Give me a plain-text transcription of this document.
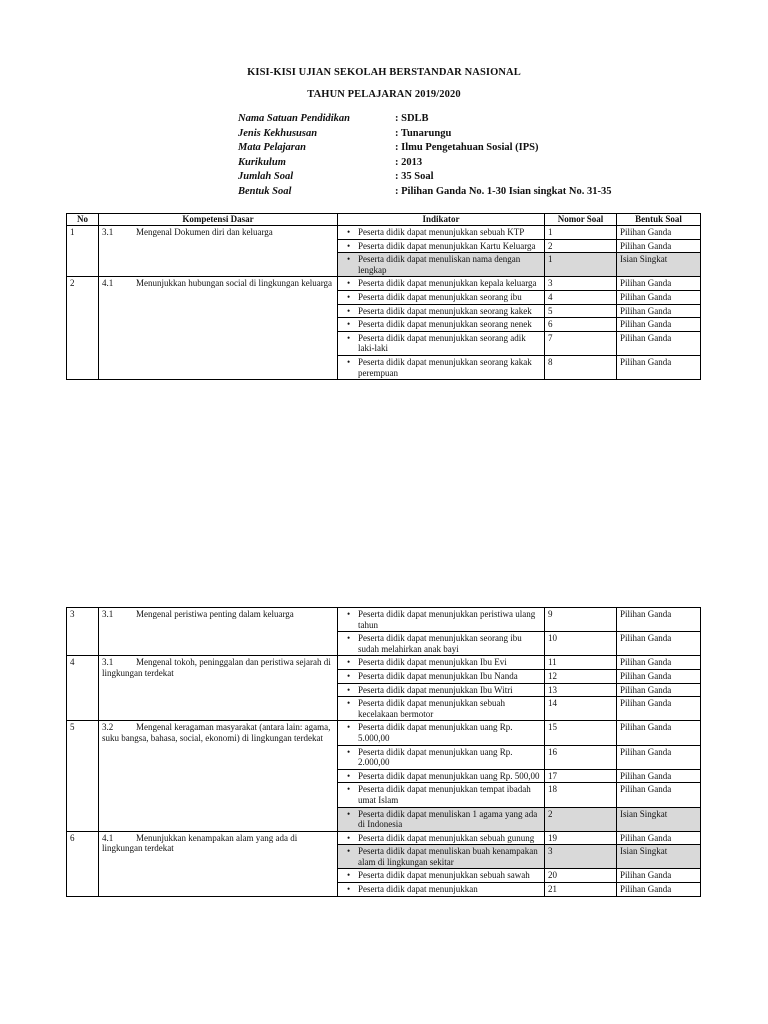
KISI-KISI UJIAN SEKOLAH BERSTANDAR NASIONAL
TAHUN PELAJARAN 2019/2020
Nama Satuan Pendidikan	: SDLB
Jenis Kekhususan	: Tunarungu
Mata Pelajaran	: Ilmu Pengetahuan Sosial (IPS)
Kurikulum	: 2013
Jumlah Soal	: 35 Soal
Bentuk Soal	: Pilihan Ganda No. 1-30 Isian singkat No. 31-35
No	Kompetensi Dasar	Indikator	Nomor Soal	Bentuk Soal
1	3.1 Mengenal Dokumen diri dan keluarga	• Peserta didik dapat menunjukkan sebuah KTP	1	Pilihan Ganda
		• Peserta didik dapat menunjukkan Kartu Keluarga	2	Pilihan Ganda
		• Peserta didik dapat menuliskan nama dengan lengkap	1	Isian Singkat
2	4.1 Menunjukkan hubungan social di lingkungan keluarga	• Peserta didik dapat menunjukkan kepala keluarga	3	Pilihan Ganda
		• Peserta didik dapat menunjukkan seorang ibu	4	Pilihan Ganda
		• Peserta didik dapat menunjukkan seorang kakek	5	Pilihan Ganda
		• Peserta didik dapat menunjukkan seorang nenek	6	Pilihan Ganda
		• Peserta didik dapat menunjukkan seorang adik laki-laki	7	Pilihan Ganda
		• Peserta didik dapat menunjukkan seorang kakak perempuan	8	Pilihan Ganda
3	3.1 Mengenal peristiwa penting dalam keluarga	• Peserta didik dapat menunjukkan peristiwa ulang tahun	9	Pilihan Ganda
		• Peserta didik dapat menunjukkan seorang ibu sudah melahirkan anak bayi	10	Pilihan Ganda
4	3.1 Mengenal tokoh, peninggalan dan peristiwa sejarah di lingkungan terdekat	• Peserta didik dapat menunjukkan Ibu Evi	11	Pilihan Ganda
		• Peserta didik dapat menunjukkan Ibu Nanda	12	Pilihan Ganda
		• Peserta didik dapat menunjukkan Ibu Witri	13	Pilihan Ganda
		• Peserta didik dapat menunjukkan sebuah kecelakaan bermotor	14	Pilihan Ganda
5	3.2 Mengenal keragaman masyarakat (antara lain: agama, suku bangsa, bahasa, social, ekonomi) di lingkungan terdekat	• Peserta didik dapat menunjukkan uang Rp. 5.000,00	15	Pilihan Ganda
		• Peserta didik dapat menunjukkan uang Rp. 2.000,00	16	Pilihan Ganda
		• Peserta didik dapat menunjukkan uang Rp. 500,00	17	Pilihan Ganda
		• Peserta didik dapat menunjukkan tempat ibadah umat Islam	18	Pilihan Ganda
		• Peserta didik dapat menuliskan 1 agama yang ada di Indonesia	2	Isian Singkat
6	4.1 Menunjukkan kenampakan alam yang ada di lingkungan terdekat	• Peserta didik dapat menunjukkan sebuah gunung	19	Pilihan Ganda
		• Peserta didik dapat menuliskan buah kenampakan alam di lingkungan sekitar	3	Isian Singkat
		• Peserta didik dapat menunjukkan sebuah sawah	20	Pilihan Ganda
		• Peserta didik dapat menunjukkan	21	Pilihan Ganda
